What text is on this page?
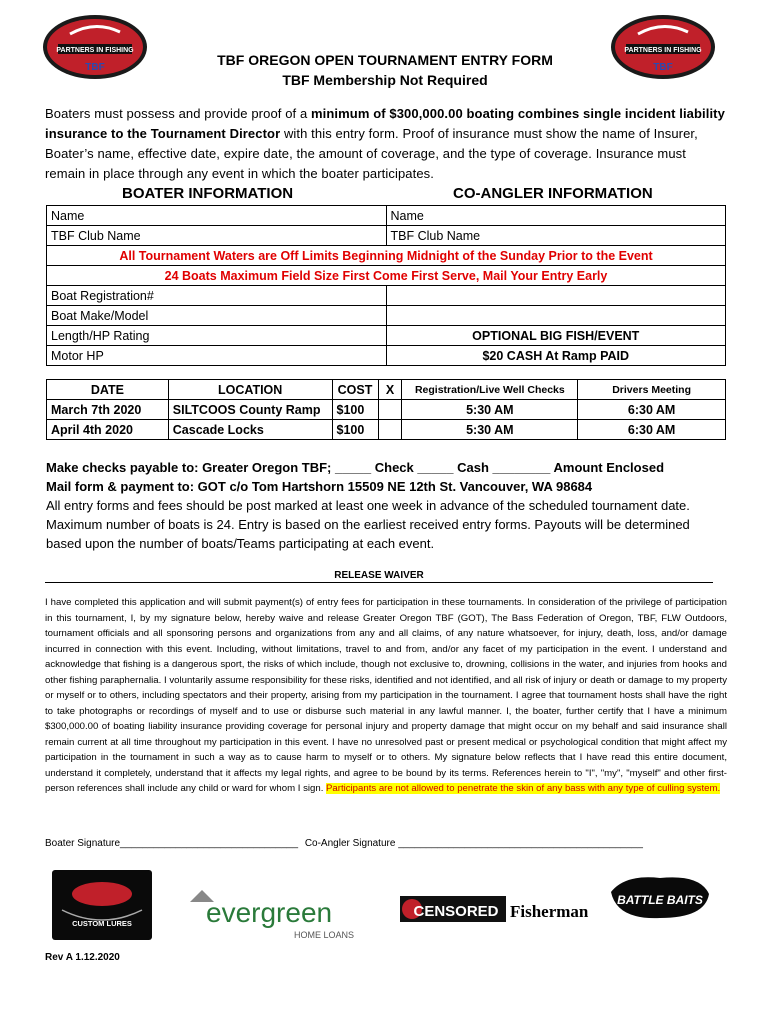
PARTNERS IN FISHING
TBF
PARTNERS IN FISHING
TBF
TBF OREGON OPEN TOURNAMENT ENTRY FORM
TBF Membership Not Required
Boaters must possess and provide proof of a minimum of $300,000.00 boating combines single incident liability insurance to the Tournament Director with this entry form. Proof of insurance must show the name of Insurer, Boater’s name, effective date, expire date, the amount of coverage, and the type of coverage. Insurance must remain in place through any event in which the boater participates.
BOATER INFORMATION	CO-ANGLER INFORMATION
Name	Name
TBF Club Name	TBF Club Name
All Tournament Waters are Off Limits Beginning Midnight of the Sunday Prior to the Event	
24 Boats Maximum Field Size First Come First Serve, Mail Your Entry Early	
Boat Registration#	
Boat Make/Model	
Length/HP Rating	OPTIONAL BIG FISH/EVENT
Motor HP	$20 CASH At Ramp PAID
DATE	LOCATION	COST	X	Registration/Live Well Checks	Drivers Meeting
March 7th 2020	SILTCOOS County Ramp	$100		5:30 AM	6:30 AM
April 4th 2020	Cascade Locks	$100		5:30 AM	6:30 AM
Make checks payable to: Greater Oregon TBF; _____ Check _____ Cash ________ Amount Enclosed
Mail form & payment to: GOT c/o Tom Hartshorn 15509 NE 12th St. Vancouver, WA 98684
All entry forms and fees should be post marked at least one week in advance of the scheduled tournament date. Maximum number of boats is 24. Entry is based on the earliest received entry forms. Payouts will be determined based upon the number of boats/Teams participating at each event.
RELEASE WAIVER
I have completed this application and will submit payment(s) of entry fees for participation in these tournaments. In consideration of the privilege of participation in this tournament, I, by my signature below, hereby waive and release Greater Oregon TBF (GOT), The Bass Federation of Oregon, TBF, FLW Outdoors, tournament officials and all sponsoring persons and organizations from any and all claims, of any nature whatsoever, for injury, death, loss, and/or damage incurred in connection with this event. Including, without limitations, travel to and from, and/or any facet of my participation in the event. I understand and acknowledge that fishing is a dangerous sport, the risks of which include, though not exclusive to, drowning, collisions in the water, and injuries from hooks and other fishing paraphernalia. I voluntarily assume responsibility for these risks, identified and not identified, and all risk of injury or death or damage to my property or myself or to others, including spectators and their property, arising from my participation in the tournament. I agree that tournament hosts shall have the right to take photographs or recordings of myself and to use or disburse such material in any lawful manner. I, the boater, further certify that I have a minimum $300,000.00 of boating liability insurance providing coverage for personal injury and property damage that might occur on my behalf and said insurance shall remain current at all time throughout my participation in this event. I have no unresolved past or present medical or psychological condition that might affect my participation in the tournament in such a way as to cause harm to myself or to others. My signature below reflects that I have read this entire document, understand it completely, understand that it affects my legal rights, and agree to be bound by its terms. References herein to "I", "my", "myself" and other first-person references shall include any child or ward for whom I sign. Participants are not allowed to penetrate the skin of any bass with any type of culling system.
Boater Signature________________________________ Co-Angler Signature ____________________________________________
CUSTOM LURES	evergreen
HOME LOANS
CENSORED Fisherman
BATTLE BAITS
Rev A 1.12.2020
